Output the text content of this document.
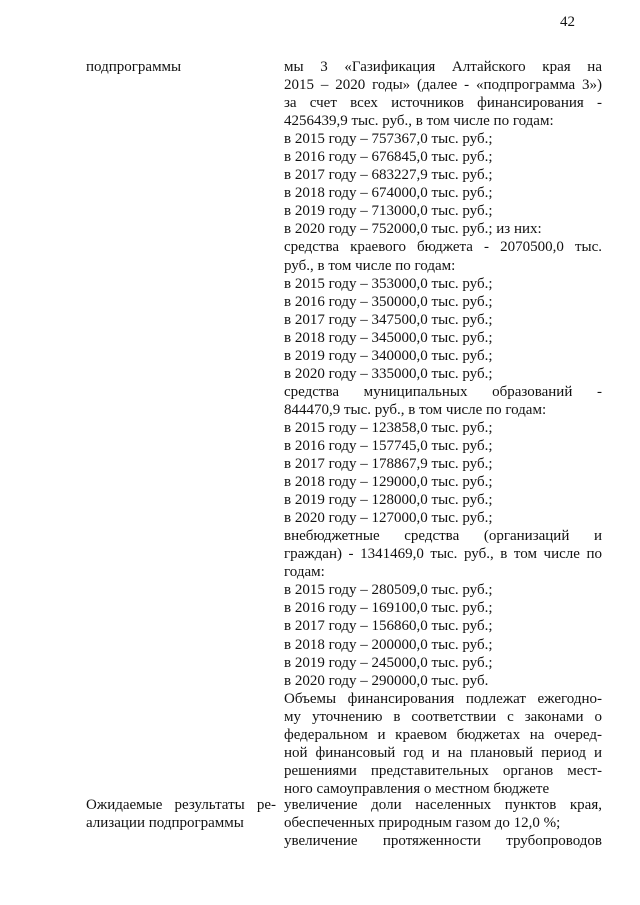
42
подпрограммы	мы 3 «Газификация Алтайского края на
2015 – 2020 годы» (далее - «подпрограмма 3»)
за счет всех источников финансирования -
4256439,9 тыс. руб., в том числе по годам:
в 2015 году – 757367,0 тыс. руб.;
в 2016 году – 676845,0 тыс. руб.;
в 2017 году – 683227,9 тыс. руб.;
в 2018 году – 674000,0 тыс. руб.;
в 2019 году – 713000,0 тыс. руб.;
в 2020 году – 752000,0 тыс. руб.; из них:
средства краевого бюджета - 2070500,0 тыс.
руб., в том числе по годам:
в 2015 году – 353000,0 тыс. руб.;
в 2016 году – 350000,0 тыс. руб.;
в 2017 году – 347500,0 тыс. руб.;
в 2018 году – 345000,0 тыс. руб.;
в 2019 году – 340000,0 тыс. руб.;
в 2020 году – 335000,0 тыс. руб.;
средства муниципальных образований -
844470,9 тыс. руб., в том числе по годам:
в 2015 году – 123858,0 тыс. руб.;
в 2016 году – 157745,0 тыс. руб.;
в 2017 году – 178867,9 тыс. руб.;
в 2018 году – 129000,0 тыс. руб.;
в 2019 году – 128000,0 тыс. руб.;
в 2020 году – 127000,0 тыс. руб.;
внебюджетные средства (организаций и
граждан) - 1341469,0 тыс. руб., в том числе по
годам:
в 2015 году – 280509,0 тыс. руб.;
в 2016 году – 169100,0 тыс. руб.;
в 2017 году – 156860,0 тыс. руб.;
в 2018 году – 200000,0 тыс. руб.;
в 2019 году – 245000,0 тыс. руб.;
в 2020 году – 290000,0 тыс. руб.
Объемы финансирования подлежат ежегодно-
му уточнению в соответствии с законами о
федеральном и краевом бюджетах на очеред-
ной финансовый год и на плановый период и
решениями представительных органов мест-
ного самоуправления о местном бюджете
Ожидаемые результаты ре-
ализации подпрограммы
увеличение доли населенных пунктов края,
обеспеченных природным газом до 12,0 %;
увеличение протяженности трубопроводов
